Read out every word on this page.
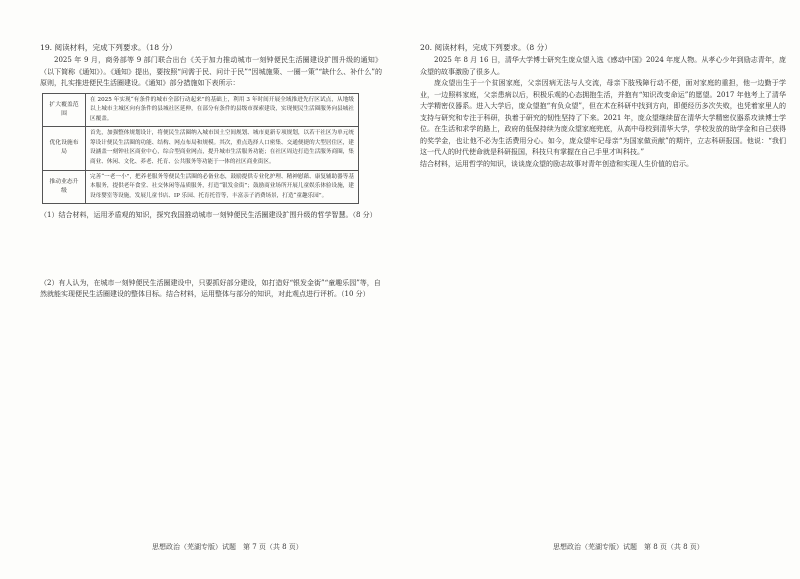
19. 阅读材料，完成下列要求。（18 分）

2025 年 9 月，商务部等 9 部门联合出台《关于加力推动城市一刻钟便民生活圈建设扩围升级的通知》（以下简称《通知》）。《通知》提出，要按照“问需于民、问计于民”“因城施策、一圈一策”“缺什么、补什么”的原则，扎实推进便民生活圈建设。《通知》部分措施如下表所示：

扩大覆盖范围	在 2025 年实现“有条件的城市全部行动起来”的基础上，利用 3 年时间开展全域推进先行区试点，从地级以上城市主城区向有条件的县城社区延伸，在部分有条件的县级市探索建设，实现便民生活圈服务向县城社区覆盖。
优化设施布局	首先，加强整体规划设计，将便民生活圈纳入城市国土空间规划、城市更新专项规划，以若干社区为单元统筹设计便民生活圈的功能、结构、网点布局和规模。其次，重点选择人口密集、交通便捷的大型居住区，建设涵盖一刻钟社区商业中心，综合型商业网点，提升城市生活服务功能；在社区周边打造生活服务商圈，集商业、休闲、文化、养老、托育、公共服务等功能于一体的社区商业街区。
推动业态升级	完善“一老一小”，把养老服务等便民生活圈的必备业态，鼓励提供专业化护理、精神慰藉、康复辅助器等基本服务，提供老年食堂、社交休闲等品质服务，打造“银发金街”；鼓励商业场所开展儿童娱乐体验设施，建设母婴室等设施，发展儿童书店、IP 乐园、托育托管等，丰富亲子消费场景，打造“童趣乐园”。

（1）结合材料，运用矛盾观的知识，探究我国推动城市一刻钟便民生活圈建设扩围升级的哲学智慧。（8 分）

（2）有人认为，在城市一刻钟便民生活圈建设中，只要抓好部分建设，如打造好“银发金街”“童趣乐园”等，自然就能实现便民生活圈建设的整体目标。结合材料，运用整体与部分的知识，对此观点进行评析。（10 分）

思想政治（芜湖专版）试题　第 7 页（共 8 页）

20. 阅读材料，完成下列要求。（8 分）

2025 年 8 月 16 日，清华大学博士研究生庞众望入选《感动中国》2024 年度人物。从孝心少年到励志青年，庞众望的故事激励了很多人。

庞众望出生于一个贫困家庭，父亲因病无法与人交流，母亲下肢残障行动不便，面对家庭的重担，他一边勤于学业，一边照料家庭，父亲患病以后，积极乐观的心态拥抱生活，并抱有“知识改变命运”的愿望。2017 年他考上了清华大学精密仪器系。进入大学后，庞众望抱“有负众望”，但在术在科研中找到方向，即便经历多次失败，也凭着家里人的支持与研究和专注于科研，执着于研究的韧性坚持了下来。2021 年，庞众望继续留在清华大学精密仪器系攻读博士学位。在生活和求学的路上，政府的低保持续为庞众望家庭兜底，从高中母校到清华大学，学校发放的助学金和自己获得的奖学金，也让他不必为生活费用分心。如今，庞众望牢记母亲“为国家做贡献”的期许，立志科研报国。他说：“我们这一代人的时代使命就是科研报国，科技只有掌握在自己手里才叫科技。”

结合材料，运用哲学的知识，谈谈庞众望的励志故事对青年创造和实现人生价值的启示。

思想政治（芜湖专版）试题　第 8 页（共 8 页）
